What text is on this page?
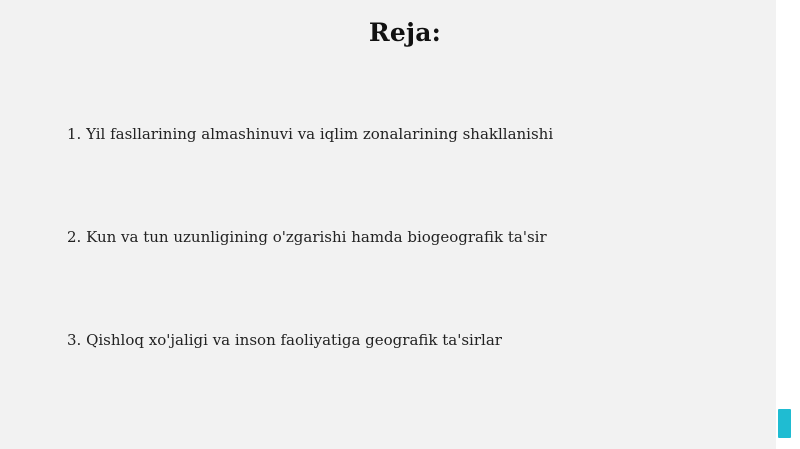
Reja:
1. Yil fasllarining almashinuvi va iqlim zonalarining shakllanishi
2. Kun va tun uzunligining o'zgarishi hamda biogeografik ta'sir
3. Qishloq xo'jaligi va inson faoliyatiga geografik ta'sirlar
